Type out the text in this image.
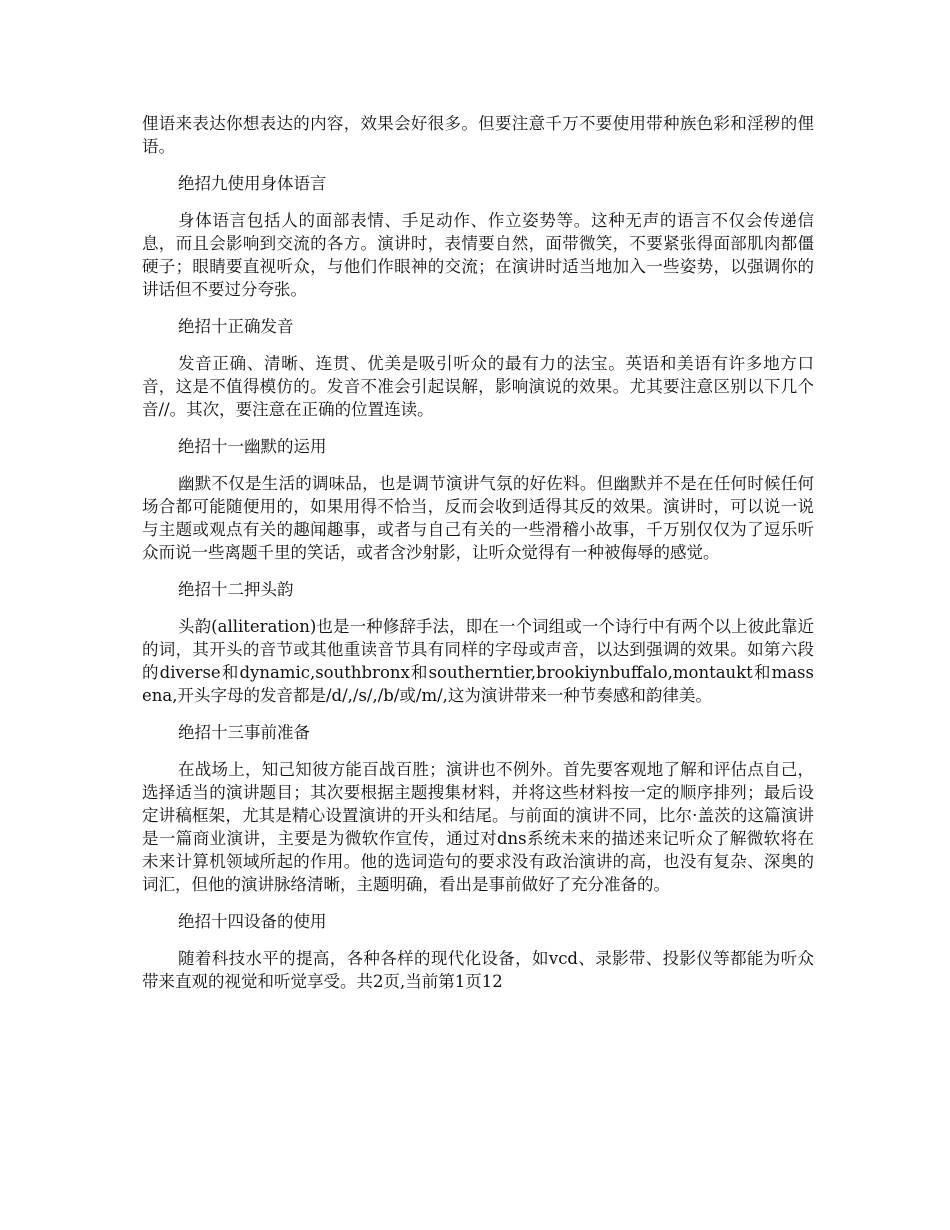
俚语来表达你想表达的内容，效果会好很多。但要注意千万不要使用带种族色彩和淫秽的俚语。

绝招九使用身体语言

身体语言包括人的面部表情、手足动作、作立姿势等。这种无声的语言不仅会传递信息，而且会影响到交流的各方。演讲时，表情要自然，面带微笑，不要紧张得面部肌肉都僵硬子；眼睛要直视听众，与他们作眼神的交流；在演讲时适当地加入一些姿势，以强调你的讲话但不要过分夸张。

绝招十正确发音

发音正确、清晰、连贯、优美是吸引听众的最有力的法宝。英语和美语有许多地方口音，这是不值得模仿的。发音不准会引起误解，影响演说的效果。尤其要注意区别以下几个音//。其次，要注意在正确的位置连读。

绝招十一幽默的运用

幽默不仅是生活的调味品，也是调节演讲气氛的好佐料。但幽默并不是在任何时候任何场合都可能随便用的，如果用得不恰当，反而会收到适得其反的效果。演讲时，可以说一说与主题或观点有关的趣闻趣事，或者与自己有关的一些滑稽小故事，千万别仅仅为了逗乐听众而说一些离题千里的笑话，或者含沙射影，让听众觉得有一种被侮辱的感觉。

绝招十二押头韵

头韵(alliteration)也是一种修辞手法，即在一个词组或一个诗行中有两个以上彼此靠近的词，其开头的音节或其他重读音节具有同样的字母或声音，以达到强调的效果。如第六段的diverse和dynamic,southbronx和southerntier,brookiynbuffalo,montaukt和massena,开头字母的发音都是/d/,/s/,/b/或/m/,这为演讲带来一种节奏感和韵律美。

绝招十三事前准备

在战场上，知己知彼方能百战百胜；演讲也不例外。首先要客观地了解和评估点自己，选择适当的演讲题目；其次要根据主题搜集材料，并将这些材料按一定的顺序排列；最后设定讲稿框架，尤其是精心设置演讲的开头和结尾。与前面的演讲不同，比尔·盖茨的这篇演讲是一篇商业演讲，主要是为微软作宣传，通过对dns系统未来的描述来记听众了解微软将在未来计算机领域所起的作用。他的选词造句的要求没有政治演讲的高，也没有复杂、深奥的词汇，但他的演讲脉络清晰，主题明确，看出是事前做好了充分准备的。

绝招十四设备的使用

随着科技水平的提高，各种各样的现代化设备，如vcd、录影带、投影仪等都能为听众带来直观的视觉和听觉享受。共2页,当前第1页12
